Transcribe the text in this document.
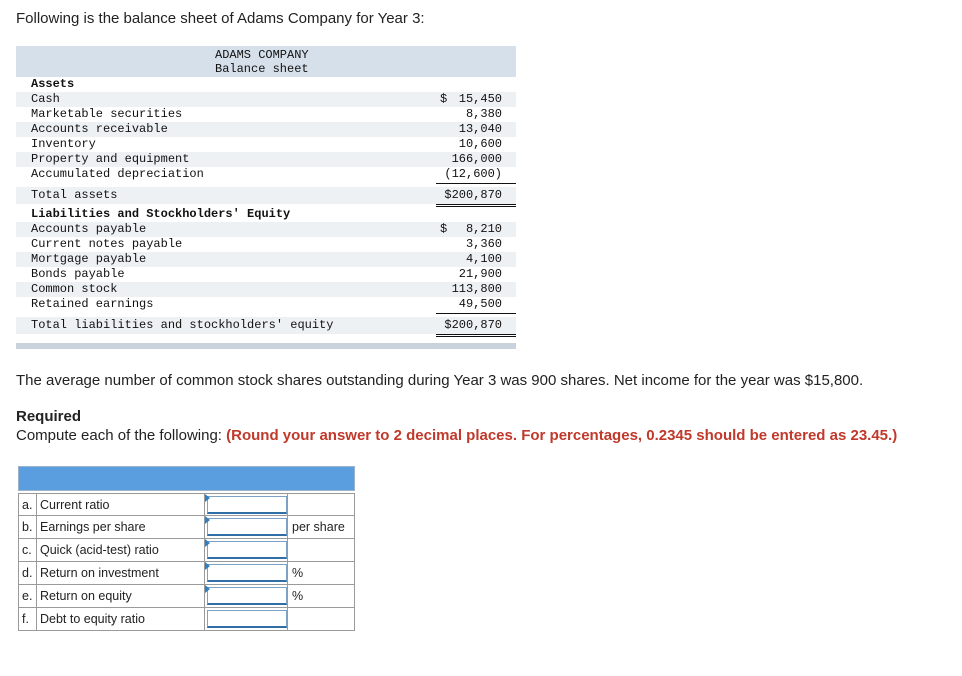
Following is the balance sheet of Adams Company for Year 3:
ADAMS COMPANY
Balance sheet
Assets
Cash	$ 15,450
Marketable securities	8,380
Accounts receivable	13,040
Inventory	10,600
Property and equipment	166,000
Accumulated depreciation	(12,600)
Total assets	$200,870
Liabilities and Stockholders' Equity
Accounts payable	$ 8,210
Current notes payable	3,360
Mortgage payable	4,100
Bonds payable	21,900
Common stock	113,800
Retained earnings	49,500
Total liabilities and stockholders' equity	$200,870
The average number of common stock shares outstanding during Year 3 was 900 shares. Net income for the year was $15,800.
Required
Compute each of the following: (Round your answer to 2 decimal places. For percentages, 0.2345 should be entered as 23.45.)
a. Current ratio
b. Earnings per share	per share
c. Quick (acid-test) ratio
d. Return on investment	%
e. Return on equity	%
f. Debt to equity ratio
